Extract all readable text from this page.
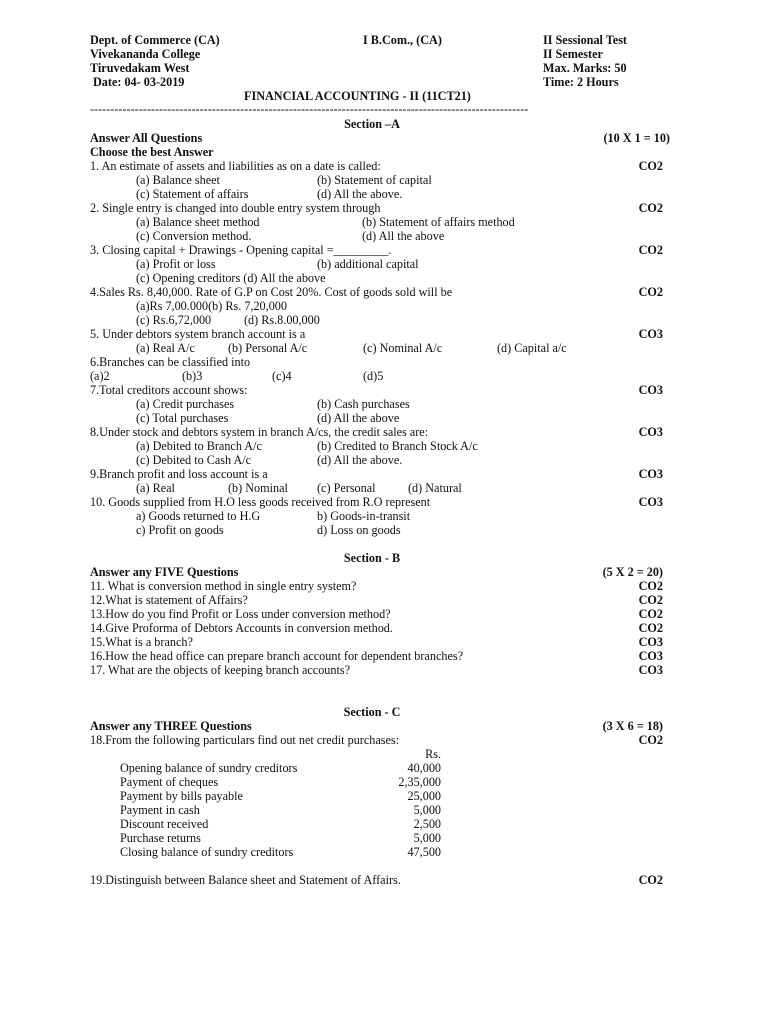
Dept. of Commerce (CA)
Vivekananda College
Tiruvedakam West
Date: 04- 03-2019
I B.Com., (CA)	II Sessional Test
II Semester
Max. Marks: 50
Time: 2 Hours
FINANCIAL ACCOUNTING - II (11CT21)
------------------------------------------------------------------------------------------------------------
Section –A
Answer All Questions	(10 X 1 = 10)
Choose the best Answer
1. An estimate of assets and liabilities as on a date is called:	CO2
(a) Balance sheet	(b) Statement of capital
(c) Statement of affairs	(d) All the above.
2. Single entry is changed into double entry system through	CO2
(a) Balance sheet method	(b) Statement of affairs method
(c) Conversion method.	(d) All the above
3. Closing capital + Drawings - Opening capital =_________.	CO2
(a) Profit or loss	(b) additional capital
(c) Opening creditors (d) All the above
4.Sales Rs. 8,40,000. Rate of G.P on Cost 20%. Cost of goods sold will be	CO2
(a)Rs 7,00.000(b) Rs. 7,20,000
(c) Rs.6,72,000	(d) Rs.8.00,000
5. Under debtors system branch account is a	CO3
(a) Real A/c	(b) Personal A/c	(c) Nominal A/c	(d) Capital a/c
6.Branches can be classified into
(a)2	(b)3	(c)4	(d)5
7.Total creditors account shows:	CO3
(a) Credit purchases	(b) Cash purchases
(c) Total purchases	(d) All the above
8.Under stock and debtors system in branch A/cs, the credit sales are:	CO3
(a) Debited to Branch A/c	(b) Credited to Branch Stock A/c
(c) Debited to Cash A/c	(d) All the above.
9.Branch profit and loss account is a	CO3
(a) Real	(b) Nominal (c) Personal	(d) Natural
10. Goods supplied from H.O less goods received from R.O represent	CO3
a) Goods returned to H.G	b) Goods-in-transit
c) Profit on goods	d) Loss on goods
Section - B
Answer any FIVE Questions	(5 X 2 = 20)
11. What is conversion method in single entry system?	CO2
12.What is statement of Affairs?	CO2
13.How do you find Profit or Loss under conversion method?	CO2
14.Give Proforma of Debtors Accounts in conversion method.	CO2
15.What is a branch?	CO3
16.How the head office can prepare branch account for dependent branches?	CO3
17. What are the objects of keeping branch accounts?	CO3
Section - C
Answer any THREE Questions	(3 X 6 = 18)
18.From the following particulars find out net credit purchases:	CO2
Rs.
Opening balance of sundry creditors	40,000
Payment of cheques	2,35,000
Payment by bills payable	25,000
Payment in cash	5,000
Discount received	2,500
Purchase returns	5,000
Closing balance of sundry creditors	47,500
19.Distinguish between Balance sheet and Statement of Affairs.	CO2
